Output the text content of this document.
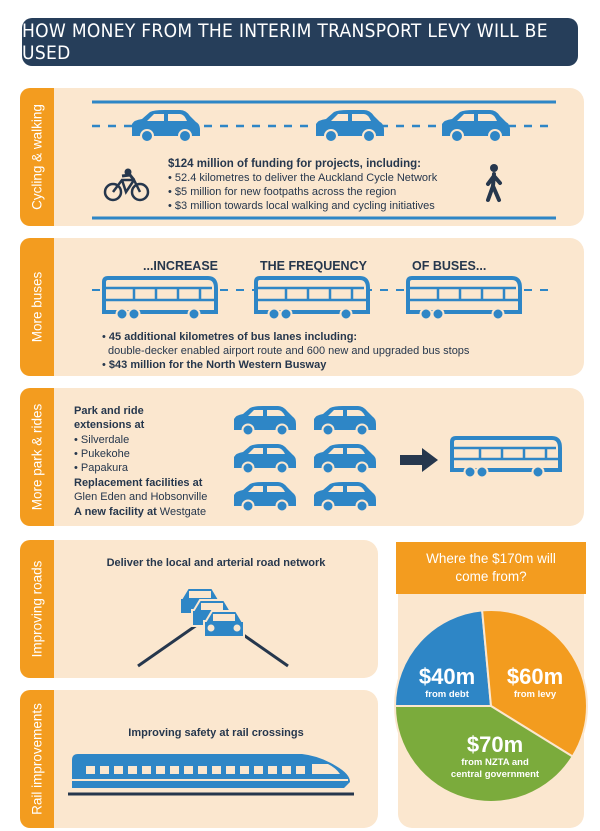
HOW MONEY FROM THE INTERIM TRANSPORT LEVY WILL BE USED
Cycling & walking	$124 million of funding for projects, including:
• 52.4 kilometres to deliver the Auckland Cycle Network
• $5 million for new footpaths across the region
• $3 million towards local walking and cycling initiatives
More buses
...INCREASE	THE FREQUENCY	OF BUSES...
• 45 additional kilometres of bus lanes including:
double-decker enabled airport route and 600 new and upgraded bus stops
• $43 million for the North Western Busway
More park & rides	Park and ride
extensions at
• Silverdale
• Pukekohe
• Papakura
Replacement facilities at
Glen Eden and Hobsonville
A new facility at Westgate
Improving roads	Deliver the local and arterial road network
Rail improvements	Improving safety at rail crossings
Where the $170m will
come from?
$40m
from debt
$60m
from levy
$70m
from NZTA and
central government
